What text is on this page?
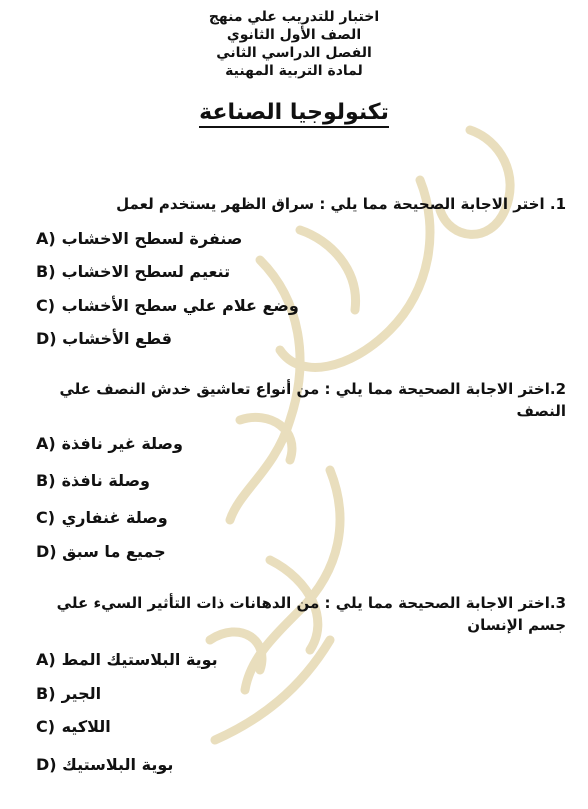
اختبار للتدريب علي منهج
الصف الأول الثانوي
الفصل الدراسي الثاني
لمادة التربية المهنية
تكنولوجيا الصناعة
1. اختر الاجابة الصحيحة مما يلي : سراق الظهر يستخدم لعمل
A) صنفرة لسطح الاخشاب
B) تنعيم لسطح الاخشاب
C) وضع علام علي سطح الأخشاب
D) قطع الأخشاب
2.اختر الاجابة الصحيحة مما يلي : من أنواع تعاشيق خدش النصف علي النصف
A) وصلة غير نافذة
B) وصلة نافذة
C) وصلة غنفاري
D) جميع ما سبق
3.اختر الاجابة الصحيحة مما يلي : من الدهانات ذات التأثير السيء علي جسم الإنسان
A) بوية البلاستيك المط
B) الجير
C) اللاكيه
D) بوية البلاستيك
